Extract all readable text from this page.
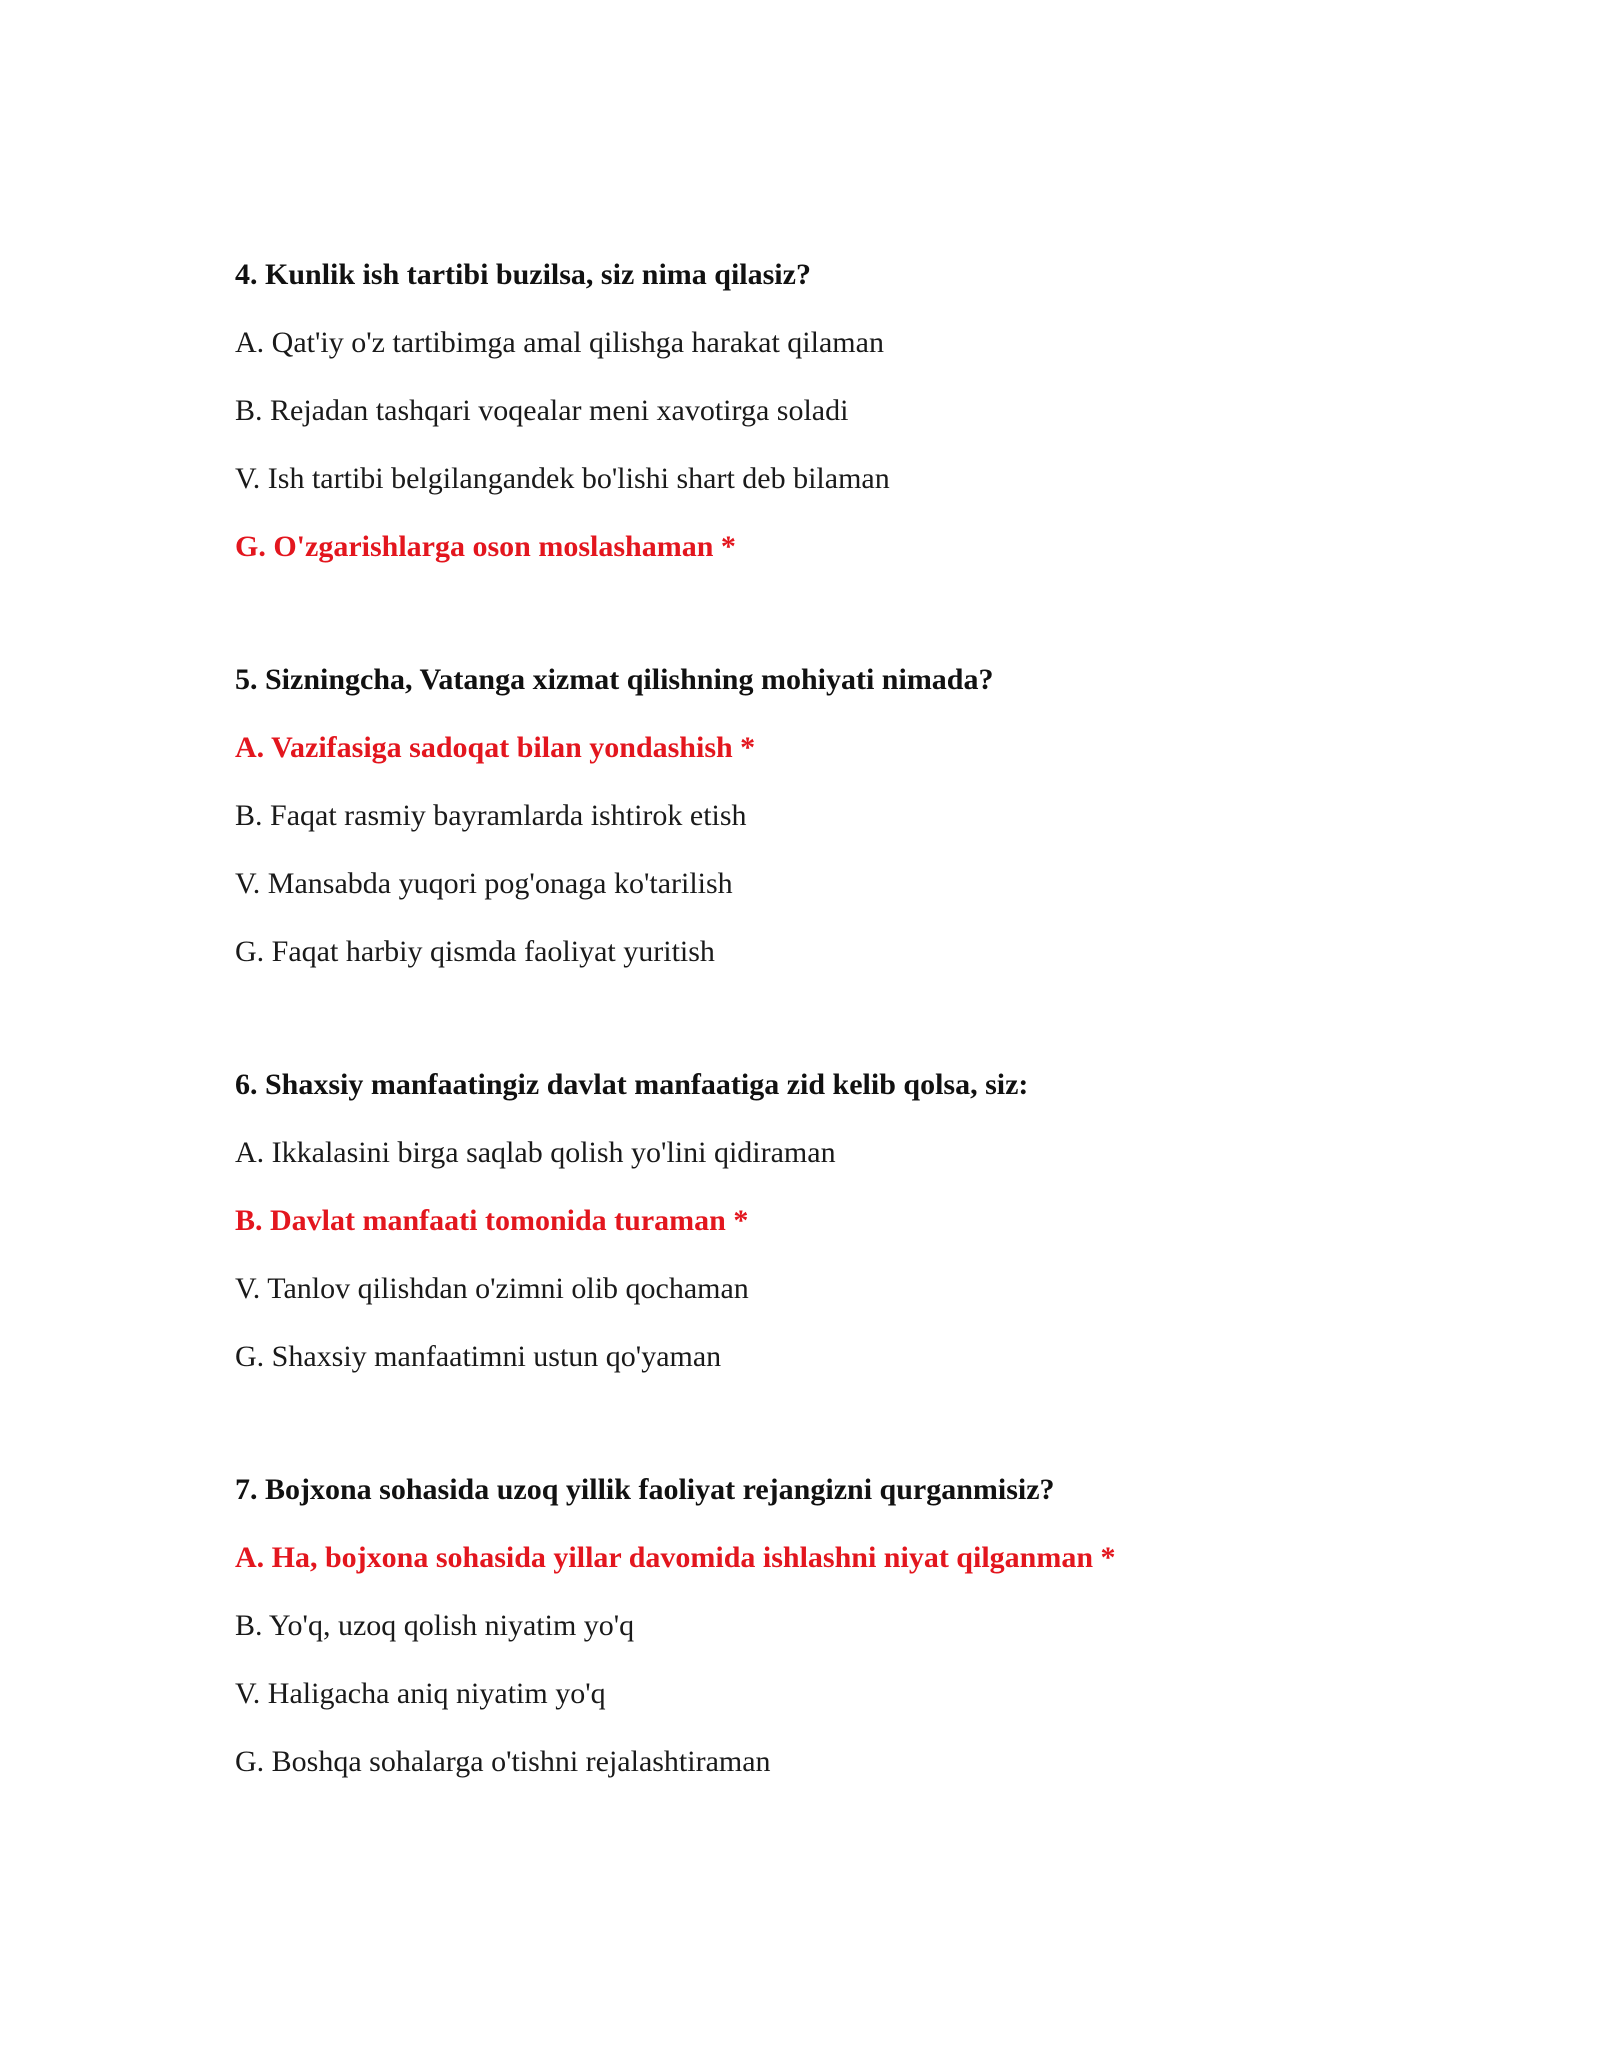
4. Kunlik ish tartibi buzilsa, siz nima qilasiz?

A. Qat'iy o'z tartibimga amal qilishga harakat qilaman

B. Rejadan tashqari voqealar meni xavotirga soladi

V. Ish tartibi belgilangandek bo'lishi shart deb bilaman

G. O'zgarishlarga oson moslashaman *

5. Sizningcha, Vatanga xizmat qilishning mohiyati nimada?

A. Vazifasiga sadoqat bilan yondashish *

B. Faqat rasmiy bayramlarda ishtirok etish

V. Mansabda yuqori pog'onaga ko'tarilish

G. Faqat harbiy qismda faoliyat yuritish

6. Shaxsiy manfaatingiz davlat manfaatiga zid kelib qolsa, siz:

A. Ikkalasini birga saqlab qolish yo'lini qidiraman

B. Davlat manfaati tomonida turaman *

V. Tanlov qilishdan o'zimni olib qochaman

G. Shaxsiy manfaatimni ustun qo'yaman

7. Bojxona sohasida uzoq yillik faoliyat rejangizni qurganmisiz?

A. Ha, bojxona sohasida yillar davomida ishlashni niyat qilganman *

B. Yo'q, uzoq qolish niyatim yo'q

V. Haligacha aniq niyatim yo'q

G. Boshqa sohalarga o'tishni rejalashtiraman
